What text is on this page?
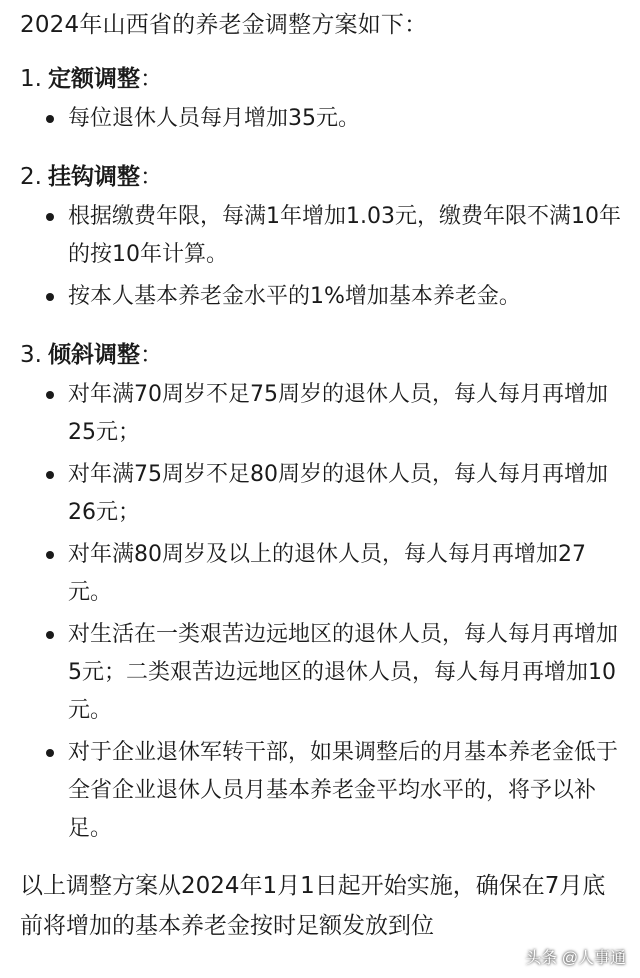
2024年山西省的养老金调整方案如下：
1. 定额调整 ：
每位退休人员每月增加35元。
2. 挂钩调整 ：
根据缴费年限，每满1年增加1.03元，缴费年限不满10年的按10年计算。
按本人基本养老金水平的1%增加基本养老金。
3. 倾斜调整 ：
对年满70周岁不足75周岁的退休人员，每人每月再增加25元；
对年满75周岁不足80周岁的退休人员，每人每月再增加26元；
对年满80周岁及以上的退休人员，每人每月再增加27元。
对生活在一类艰苦边远地区的退休人员，每人每月再增加5元；二类艰苦边远地区的退休人员，每人每月再增加10元。
对于企业退休军转干部，如果调整后的月基本养老金低于全省企业退休人员月基本养老金平均水平的，将予以补足。
以上调整方案从2024年1月1日起开始实施，确保在7月底前将增加的基本养老金按时足额发放到位
头条 @人事通
